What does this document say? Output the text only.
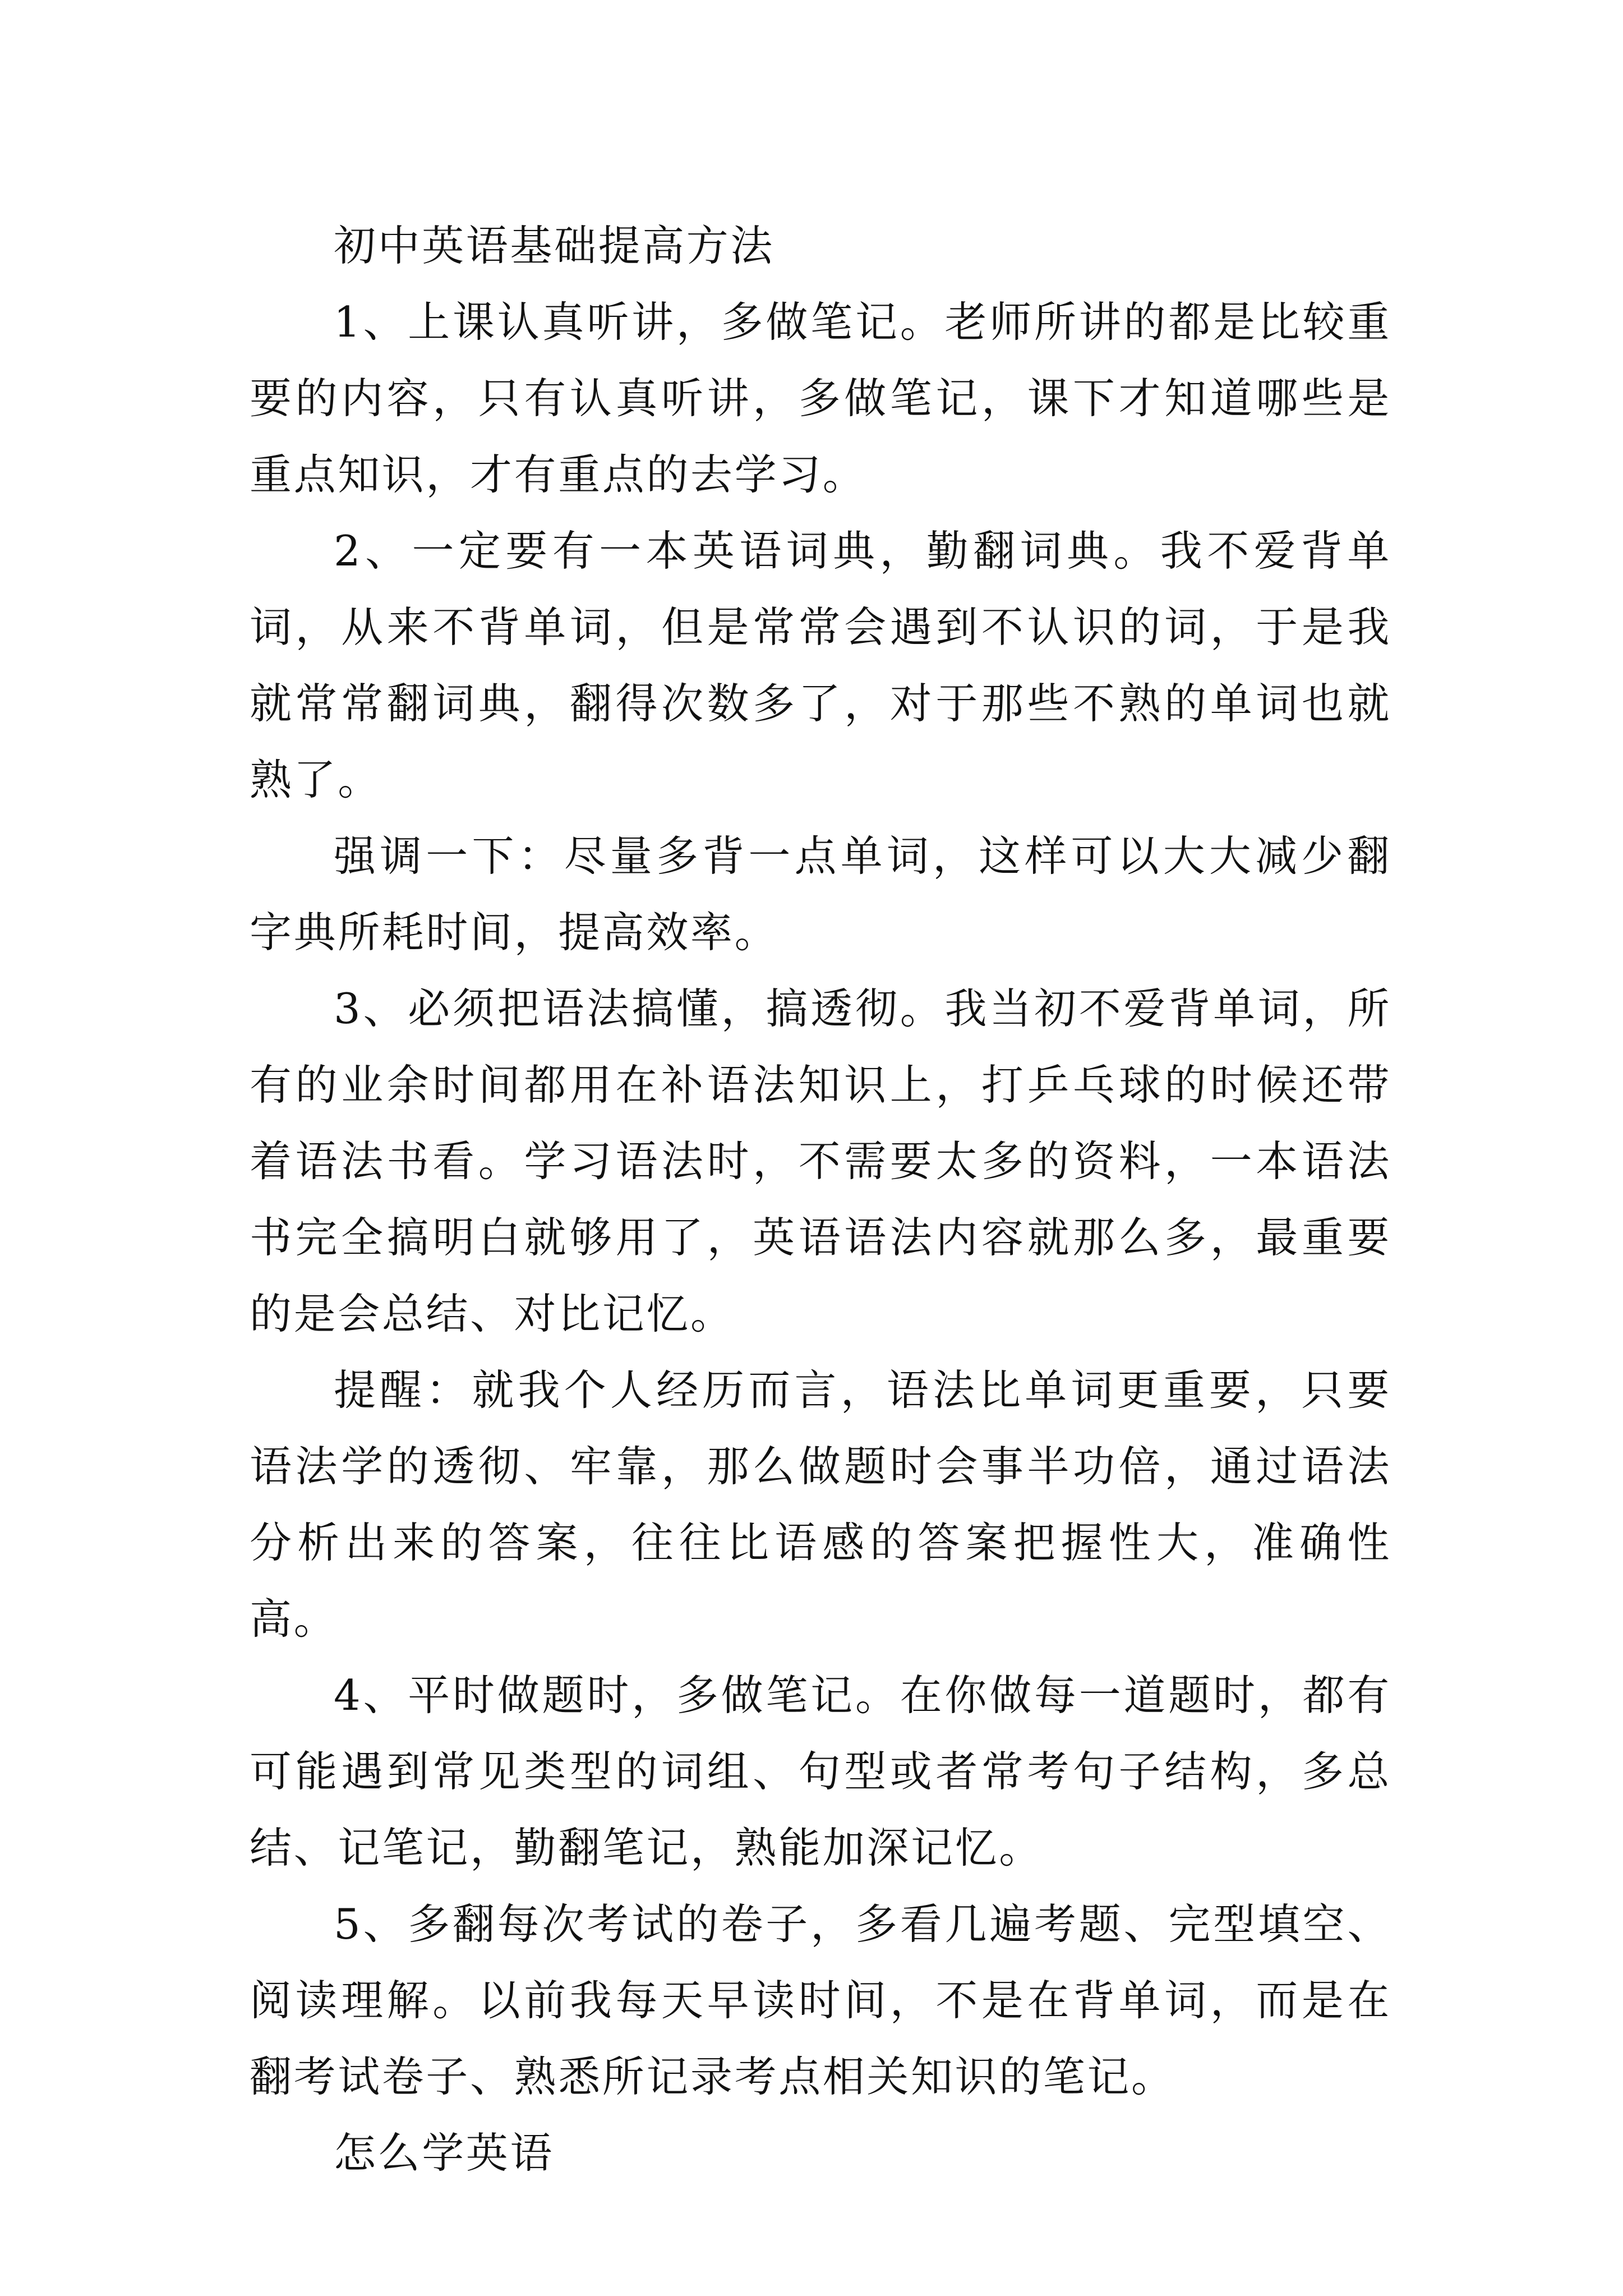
初中英语基础提高方法

1、上课认真听讲，多做笔记。老师所讲的都是比较重要的内容，只有认真听讲，多做笔记，课下才知道哪些是重点知识，才有重点的去学习。

2、一定要有一本英语词典，勤翻词典。我不爱背单词，从来不背单词，但是常常会遇到不认识的词，于是我就常常翻词典，翻得次数多了，对于那些不熟的单词也就熟了。

强调一下：尽量多背一点单词，这样可以大大减少翻字典所耗时间，提高效率。

3、必须把语法搞懂，搞透彻。我当初不爱背单词，所有的业余时间都用在补语法知识上，打乒乓球的时候还带着语法书看。学习语法时，不需要太多的资料，一本语法书完全搞明白就够用了，英语语法内容就那么多，最重要的是会总结、对比记忆。

提醒：就我个人经历而言，语法比单词更重要，只要语法学的透彻、牢靠，那么做题时会事半功倍，通过语法分析出来的答案，往往比语感的答案把握性大，准确性高。

4、平时做题时，多做笔记。在你做每一道题时，都有可能遇到常见类型的词组、句型或者常考句子结构，多总结、记笔记，勤翻笔记，熟能加深记忆。

5、多翻每次考试的卷子，多看几遍考题、完型填空、阅读理解。以前我每天早读时间，不是在背单词，而是在翻考试卷子、熟悉所记录考点相关知识的笔记。

怎么学英语
